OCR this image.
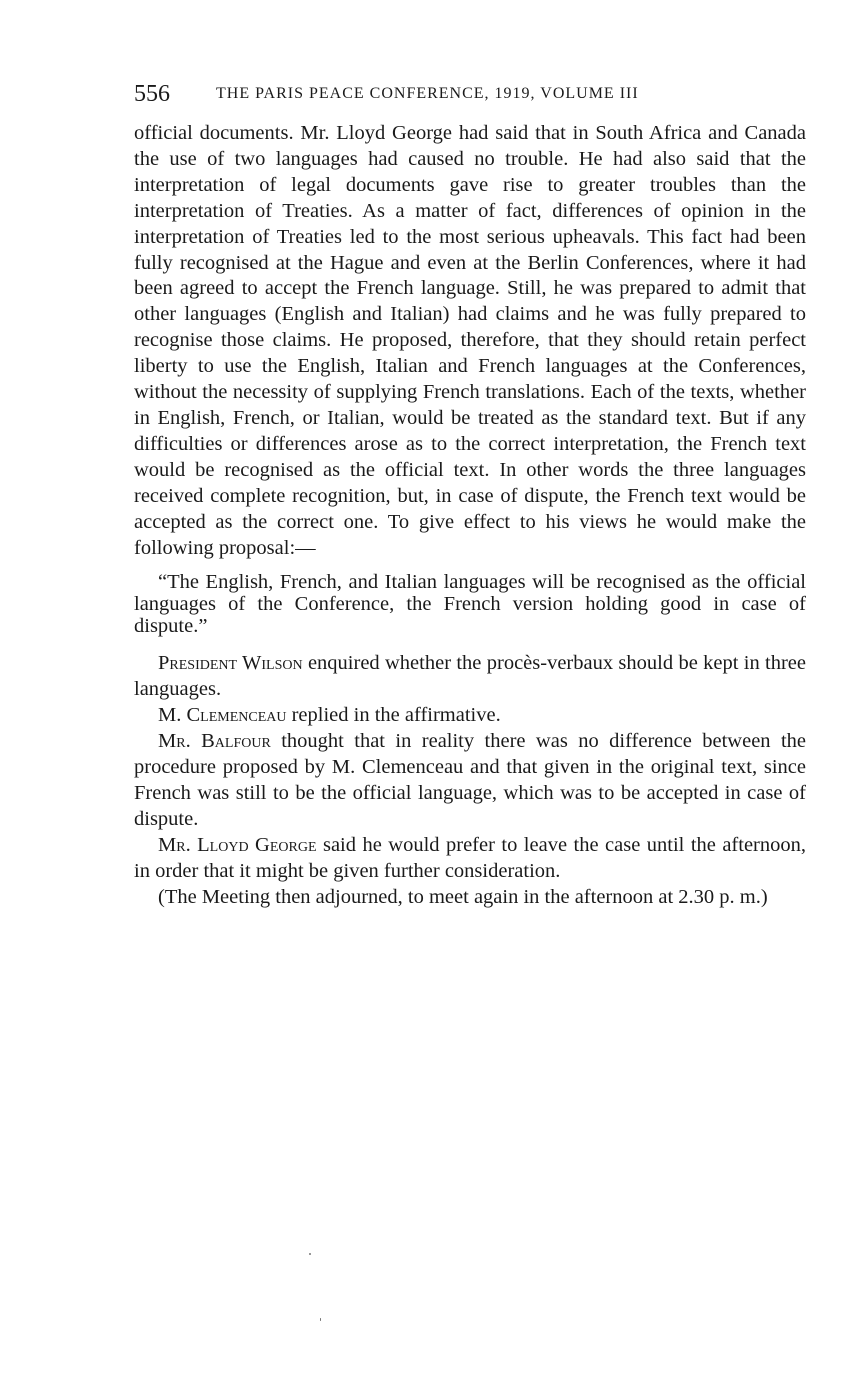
556	THE PARIS PEACE CONFERENCE, 1919, VOLUME III

official documents. Mr. Lloyd George had said that in South Africa and Canada the use of two languages had caused no trouble. He had also said that the interpretation of legal documents gave rise to greater troubles than the interpretation of Treaties. As a matter of fact, differences of opinion in the interpretation of Treaties led to the most serious upheavals. This fact had been fully recognised at the Hague and even at the Berlin Conferences, where it had been agreed to accept the French language. Still, he was prepared to admit that other languages (English and Italian) had claims and he was fully prepared to recognise those claims. He proposed, therefore, that they should retain perfect liberty to use the English, Italian and French languages at the Conferences, without the necessity of supplying French translations. Each of the texts, whether in English, French, or Italian, would be treated as the standard text. But if any difficulties or differences arose as to the correct interpretation, the French text would be recognised as the official text. In other words the three languages received complete recognition, but, in case of dispute, the French text would be accepted as the correct one. To give effect to his views he would make the following proposal:—

“The English, French, and Italian languages will be recognised as the official languages of the Conference, the French version holding good in case of dispute.”

President Wilson enquired whether the procès-verbaux should be kept in three languages.

M. Clemenceau replied in the affirmative.

Mr. Balfour thought that in reality there was no difference between the procedure proposed by M. Clemenceau and that given in the original text, since French was still to be the official language, which was to be accepted in case of dispute.

Mr. Lloyd George said he would prefer to leave the case until the afternoon, in order that it might be given further consideration.

(The Meeting then adjourned, to meet again in the afternoon at 2.30 p. m.)
